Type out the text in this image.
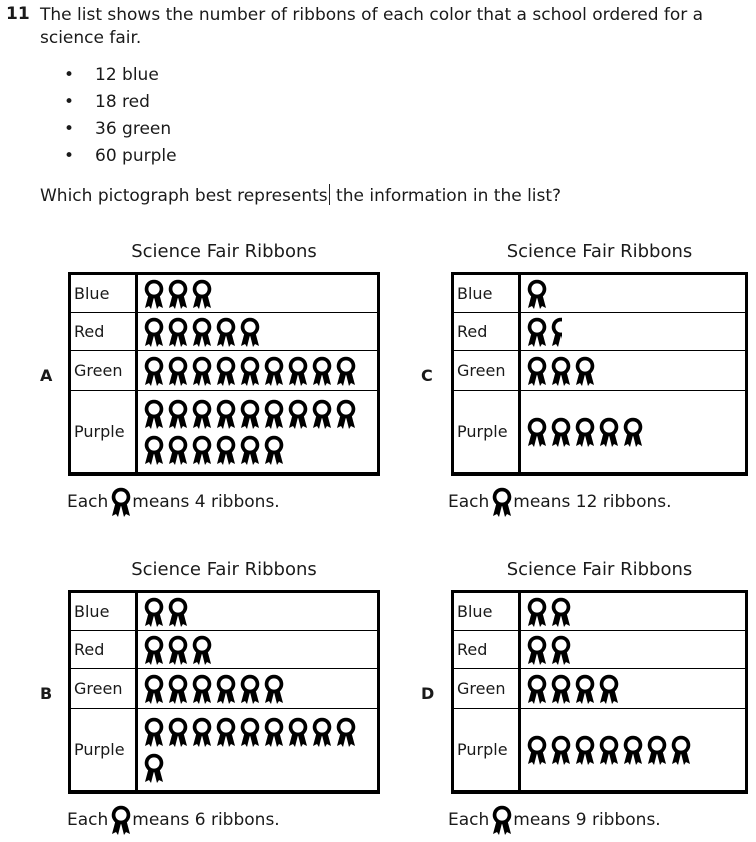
11 The list shows the number of ribbons of each color that a school ordered for a science fair.
• 12 blue
• 18 red
• 36 green
• 60 purple
Which pictograph best represents the information in the list?
A
Science Fair Ribbons
Blue
Red
Green
Purple
Each means 4 ribbons.
C
Science Fair Ribbons
Blue
Red
Green
Purple
Each means 12 ribbons.
B
Science Fair Ribbons
Blue
Red
Green
Purple
Each means 6 ribbons.
D
Science Fair Ribbons
Blue
Red
Green
Purple
Each means 9 ribbons.
